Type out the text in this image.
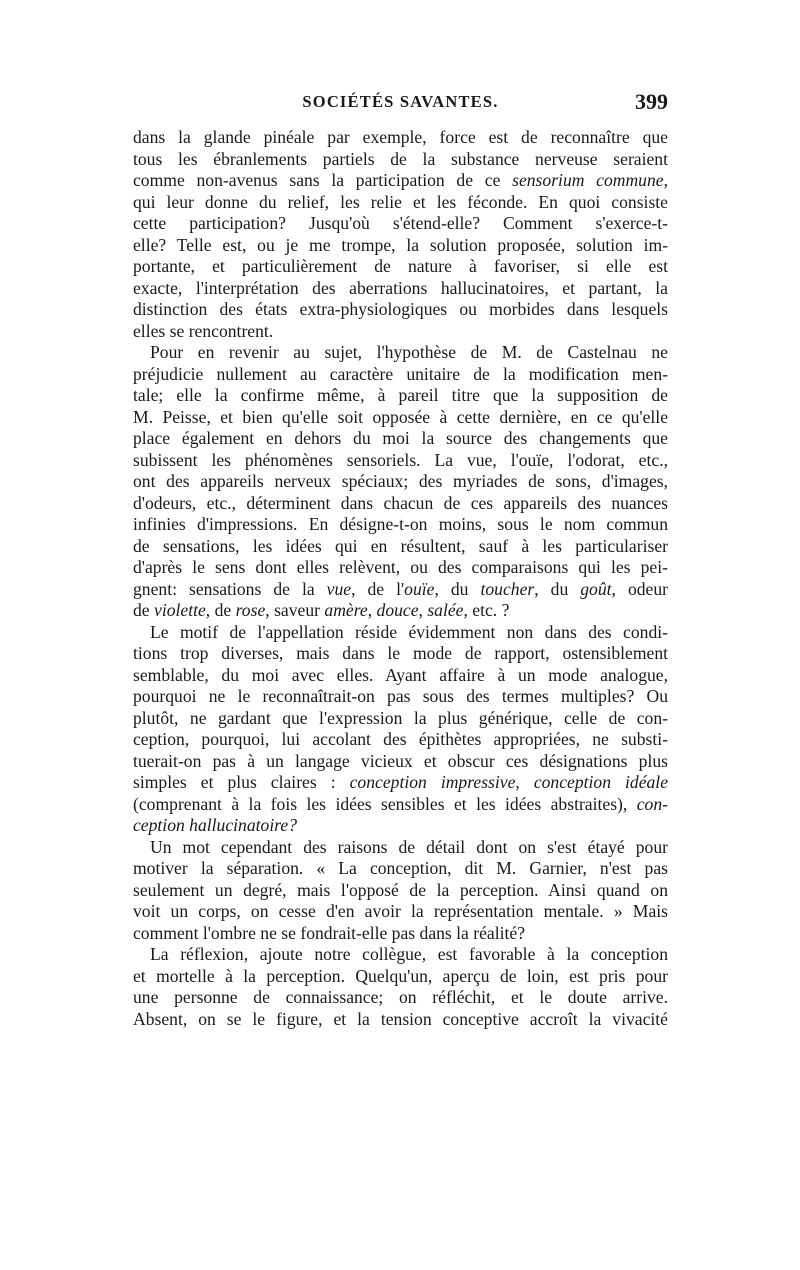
SOCIÉTÉS SAVANTES.	399
dans la glande pinéale par exemple, force est de reconnaître que
tous les ébranlements partiels de la substance nerveuse seraient
comme non-avenus sans la participation de ce sensorium commune,
qui leur donne du relief, les relie et les féconde. En quoi consiste
cette participation? Jusqu'où s'étend-elle? Comment s'exerce-t-
elle? Telle est, ou je me trompe, la solution proposée, solution im-
portante, et particulièrement de nature à favoriser, si elle est
exacte, l'interprétation des aberrations hallucinatoires, et partant, la
distinction des états extra-physiologiques ou morbides dans lesquels
elles se rencontrent.
Pour en revenir au sujet, l'hypothèse de M. de Castelnau ne
préjudicie nullement au caractère unitaire de la modification men-
tale; elle la confirme même, à pareil titre que la supposition de
M. Peisse, et bien qu'elle soit opposée à cette dernière, en ce qu'elle
place également en dehors du moi la source des changements que
subissent les phénomènes sensoriels. La vue, l'ouïe, l'odorat, etc.,
ont des appareils nerveux spéciaux; des myriades de sons, d'images,
d'odeurs, etc., déterminent dans chacun de ces appareils des nuances
infinies d'impressions. En désigne-t-on moins, sous le nom commun
de sensations, les idées qui en résultent, sauf à les particulariser
d'après le sens dont elles relèvent, ou des comparaisons qui les pei-
gnent: sensations de la vue, de l'ouïe, du toucher, du goût, odeur
de violette, de rose, saveur amère, douce, salée, etc. ?
Le motif de l'appellation réside évidemment non dans des condi-
tions trop diverses, mais dans le mode de rapport, ostensiblement
semblable, du moi avec elles. Ayant affaire à un mode analogue,
pourquoi ne le reconnaîtrait-on pas sous des termes multiples? Ou
plutôt, ne gardant que l'expression la plus générique, celle de con-
ception, pourquoi, lui accolant des épithètes appropriées, ne substi-
tuerait-on pas à un langage vicieux et obscur ces désignations plus
simples et plus claires : conception impressive, conception idéale
(comprenant à la fois les idées sensibles et les idées abstraites), con-
ception hallucinatoire?
Un mot cependant des raisons de détail dont on s'est étayé pour
motiver la séparation. « La conception, dit M. Garnier, n'est pas
seulement un degré, mais l'opposé de la perception. Ainsi quand on
voit un corps, on cesse d'en avoir la représentation mentale. » Mais
comment l'ombre ne se fondrait-elle pas dans la réalité?
La réflexion, ajoute notre collègue, est favorable à la conception
et mortelle à la perception. Quelqu'un, aperçu de loin, est pris pour
une personne de connaissance; on réfléchit, et le doute arrive.
Absent, on se le figure, et la tension conceptive accroît la vivacité
